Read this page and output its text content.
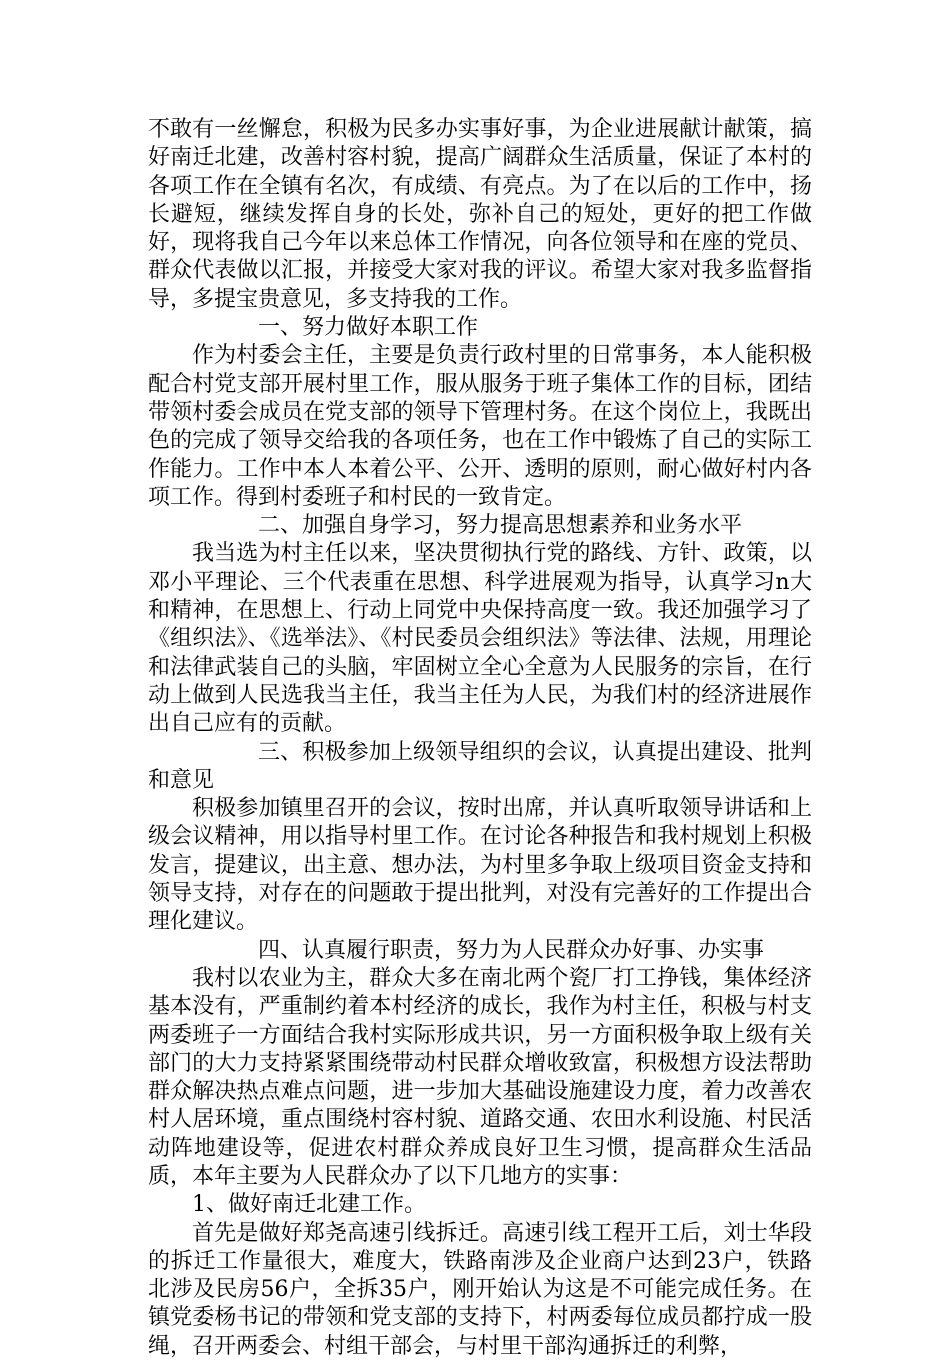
不敢有一丝懈怠，积极为民多办实事好事，为企业进展献计献策，搞好南迁北建，改善村容村貌，提高广阔群众生活质量，保证了本村的各项工作在全镇有名次，有成绩、有亮点。为了在以后的工作中，扬长避短，继续发挥自身的长处，弥补自己的短处，更好的把工作做好，现将我自己今年以来总体工作情况，向各位领导和在座的党员、群众代表做以汇报，并接受大家对我的评议。希望大家对我多监督指导，多提宝贵意见，多支持我的工作。

一、努力做好本职工作

作为村委会主任，主要是负责行政村里的日常事务，本人能积极配合村党支部开展村里工作，服从服务于班子集体工作的目标，团结带领村委会成员在党支部的领导下管理村务。在这个岗位上，我既出色的完成了领导交给我的各项任务，也在工作中锻炼了自己的实际工作能力。工作中本人本着公平、公开、透明的原则，耐心做好村内各项工作。得到村委班子和村民的一致肯定。

二、加强自身学习，努力提高思想素养和业务水平

我当选为村主任以来，坚决贯彻执行党的路线、方针、政策，以邓小平理论、三个代表重在思想、科学进展观为指导，认真学习n大和精神，在思想上、行动上同党中央保持高度一致。我还加强学习了《组织法》、《选举法》、《村民委员会组织法》等法律、法规，用理论和法律武装自己的头脑，牢固树立全心全意为人民服务的宗旨，在行动上做到人民选我当主任，我当主任为人民，为我们村的经济进展作出自己应有的贡献。

三、积极参加上级领导组织的会议，认真提出建设、批判和意见

积极参加镇里召开的会议，按时出席，并认真听取领导讲话和上级会议精神，用以指导村里工作。在讨论各种报告和我村规划上积极发言，提建议，出主意、想办法，为村里多争取上级项目资金支持和领导支持，对存在的问题敢于提出批判，对没有完善好的工作提出合理化建议。

四、认真履行职责，努力为人民群众办好事、办实事

我村以农业为主，群众大多在南北两个瓷厂打工挣钱，集体经济基本没有，严重制约着本村经济的成长，我作为村主任，积极与村支两委班子一方面结合我村实际形成共识，另一方面积极争取上级有关部门的大力支持紧紧围绕带动村民群众增收致富，积极想方设法帮助群众解决热点难点问题，进一步加大基础设施建设力度，着力改善农村人居环境，重点围绕村容村貌、道路交通、农田水利设施、村民活动阵地建设等，促进农村群众养成良好卫生习惯，提高群众生活品质，本年主要为人民群众办了以下几地方的实事：

1、做好南迁北建工作。

首先是做好郑尧高速引线拆迁。高速引线工程开工后，刘士华段的拆迁工作量很大，难度大，铁路南涉及企业商户达到23户，铁路北涉及民房56户，全拆35户，刚开始认为这是不可能完成任务。在镇党委杨书记的带领和党支部的支持下，村两委每位成员都拧成一股绳，召开两委会、村组干部会，与村里干部沟通拆迁的利弊，
